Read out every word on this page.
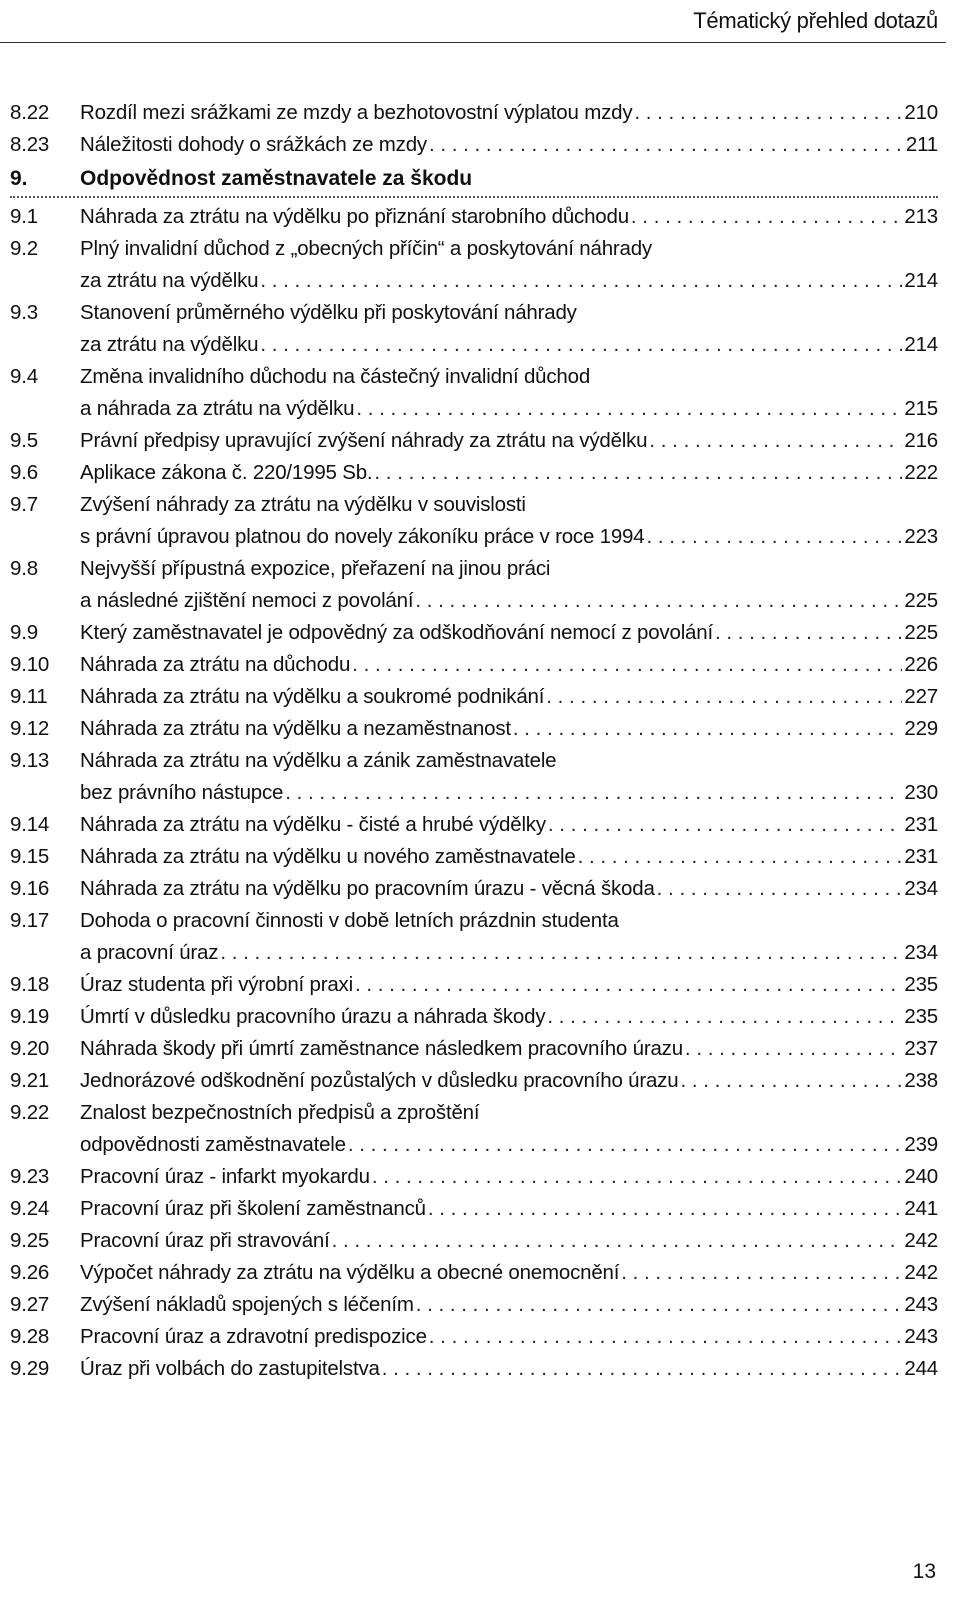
Tématický přehled dotazů
8.22	Rozdíl mezi srážkami ze mzdy a bezhotovostní výplatou mzdy . . .	210
8.23	Náležitosti dohody o srážkách ze mzdy . . .	211
9.	Odpovědnost zaměstnavatele za škodu
9.1	Náhrada za ztrátu na výdělku po přiznání starobního důchodu . . .	213
9.2	Plný invalidní důchod z „obecných příčin“ a poskytování náhrady
za ztrátu na výdělku . . .	214
9.3	Stanovení průměrného výdělku při poskytování náhrady
za ztrátu na výdělku . . .	214
9.4	Změna invalidního důchodu na částečný invalidní důchod
a náhrada za ztrátu na výdělku . . .	215
9.5	Právní předpisy upravující zvýšení náhrady za ztrátu na výdělku . . .	216
9.6	Aplikace zákona č. 220/1995 Sb. . . .	222
9.7	Zvýšení náhrady za ztrátu na výdělku v souvislosti
s právní úpravou platnou do novely zákoníku práce v roce 1994 . . .	223
9.8	Nejvyšší přípustná expozice, přeřazení na jinou práci
a následné zjištění nemoci z povolání . . .	225
9.9	Který zaměstnavatel je odpovědný za odškodňování nemocí z povolání . . .	225
9.10	Náhrada za ztrátu na důchodu . . .	226
9.11	Náhrada za ztrátu na výdělku a soukromé podnikání . . .	227
9.12	Náhrada za ztrátu na výdělku a nezaměstnanost . . .	229
9.13	Náhrada za ztrátu na výdělku a zánik zaměstnavatele
bez právního nástupce . . .	230
9.14	Náhrada za ztrátu na výdělku - čisté a hrubé výdělky . . .	231
9.15	Náhrada za ztrátu na výdělku u nového zaměstnavatele . . .	231
9.16	Náhrada za ztrátu na výdělku po pracovním úrazu - věcná škoda . . .	234
9.17	Dohoda o pracovní činnosti v době letních prázdnin studenta
a pracovní úraz . . .	234
9.18	Úraz studenta při výrobní praxi . . .	235
9.19	Úmrtí v důsledku pracovního úrazu a náhrada škody . . .	235
9.20	Náhrada škody při úmrtí zaměstnance následkem pracovního úrazu . . .	237
9.21	Jednorázové odškodnění pozůstalých v důsledku pracovního úrazu . . .	238
9.22	Znalost bezpečnostních předpisů a zproštění
odpovědnosti zaměstnavatele . . .	239
9.23	Pracovní úraz - infarkt myokardu . . .	240
9.24	Pracovní úraz při školení zaměstnanců . . .	241
9.25	Pracovní úraz při stravování . . .	242
9.26	Výpočet náhrady za ztrátu na výdělku a obecné onemocnění . . .	242
9.27	Zvýšení nákladů spojených s léčením . . .	243
9.28	Pracovní úraz a zdravotní predispozice . . .	243
9.29	Úraz při volbách do zastupitelstva . . .	244
13
